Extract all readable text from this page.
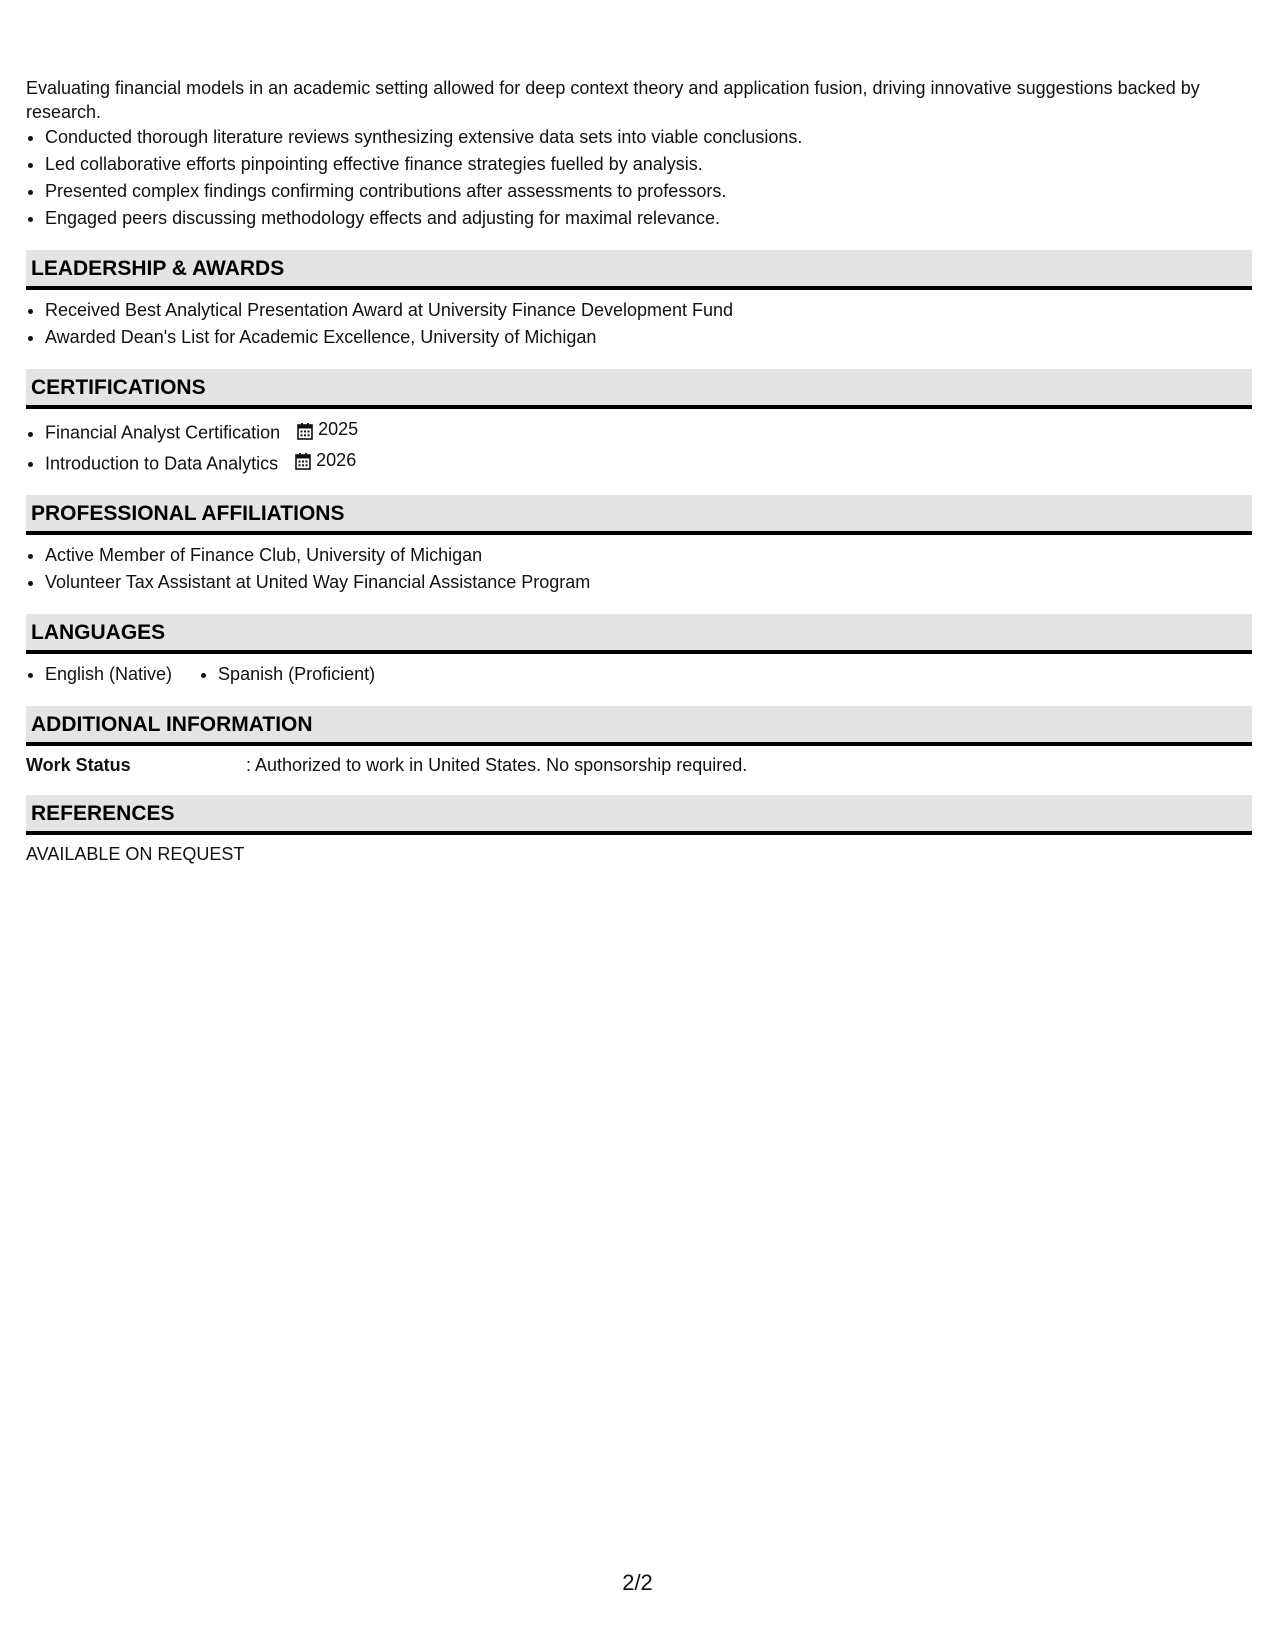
Evaluating financial models in an academic setting allowed for deep context theory and application fusion, driving innovative suggestions backed by research.

• Conducted thorough literature reviews synthesizing extensive data sets into viable conclusions.
• Led collaborative efforts pinpointing effective finance strategies fuelled by analysis.
• Presented complex findings confirming contributions after assessments to professors.
• Engaged peers discussing methodology effects and adjusting for maximal relevance.
LEADERSHIP & AWARDS
• Received Best Analytical Presentation Award at University Finance Development Fund
• Awarded Dean's List for Academic Excellence, University of Michigan
CERTIFICATIONS
• Financial Analyst Certification 2025
• Introduction to Data Analytics 2026
PROFESSIONAL AFFILIATIONS
• Active Member of Finance Club, University of Michigan
• Volunteer Tax Assistant at United Way Financial Assistance Program
LANGUAGES
• English (Native)
•	Spanish (Proficient)
ADDITIONAL INFORMATION
Work Status	: Authorized to work in United States. No sponsorship required.
REFERENCES
AVAILABLE ON REQUEST
2/2
